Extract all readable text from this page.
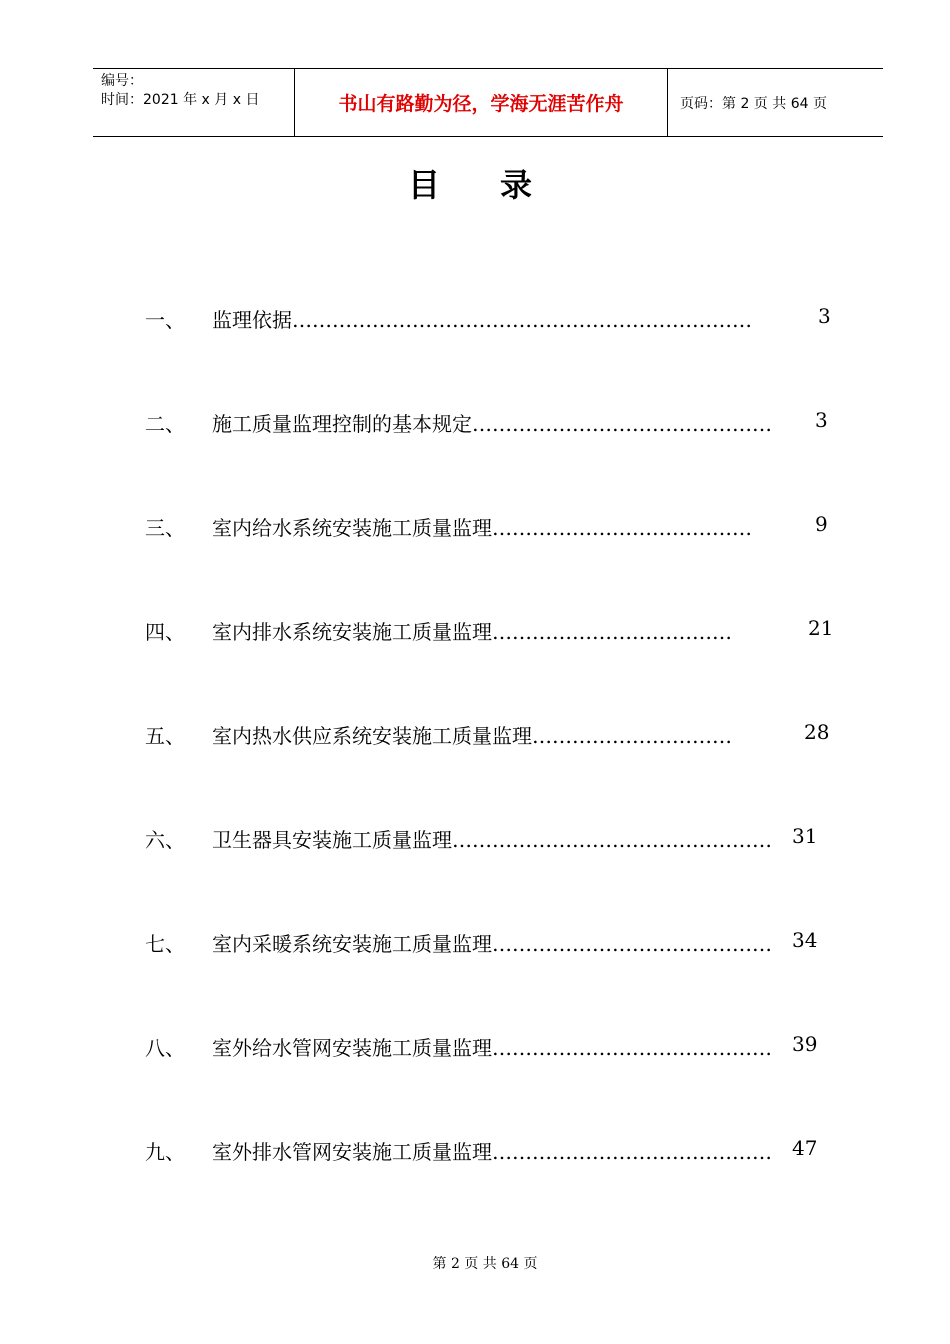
编号：
时间：2021 年 x 月 x 日	书山有路勤为径，学海无涯苦作舟	页码：第 2 页 共 64 页
目录
一、 监理依据……………………………………………………………	3
二、 施工质量监理控制的基本规定……………………………………… 3
三、 室内给水系统安装施工质量监理…………………………………	9
四、 室内排水系统安装施工质量监理………………………………	21
五、 室内热水供应系统安装施工质量监理…………………………	28
六、 卫生器具安装施工质量监理………………………………………… 31
七、 室内采暖系统安装施工质量监理…………………………………… 34
八、 室外给水管网安装施工质量监理…………………………………… 39
九、 室外排水管网安装施工质量监理…………………………………… 47
第 2 页 共 64 页
